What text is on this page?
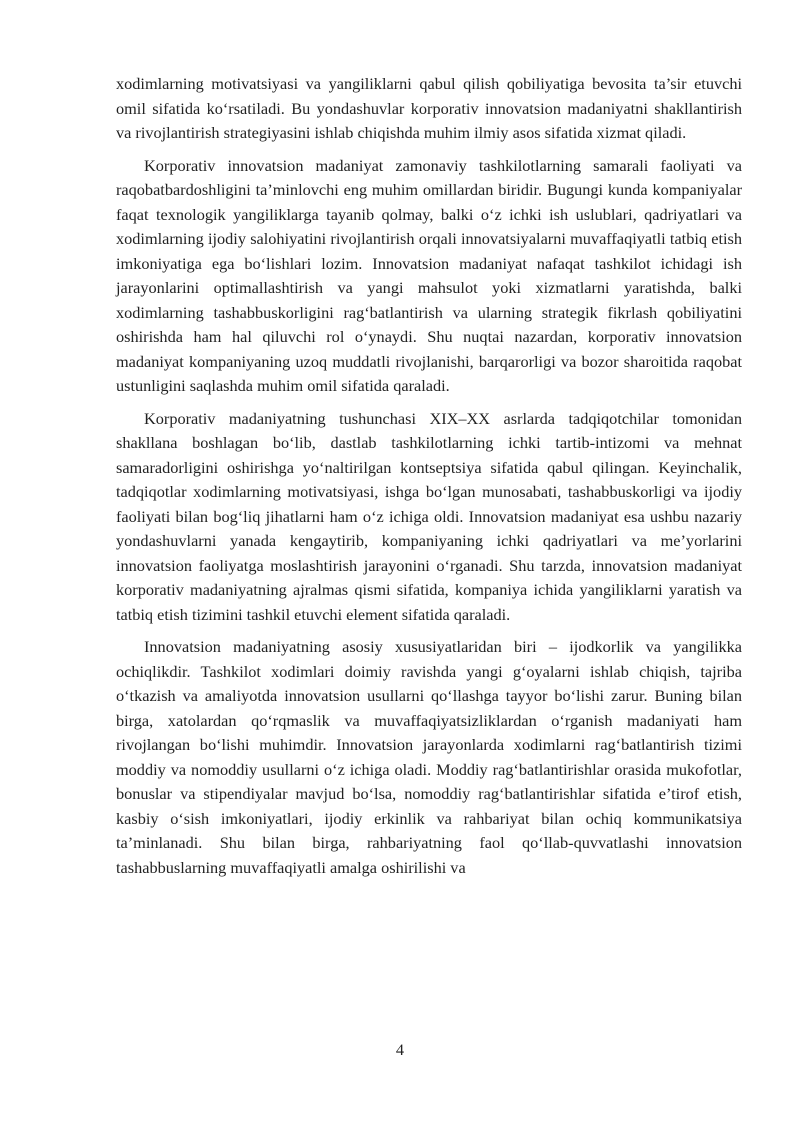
xodimlarning motivatsiyasi va yangiliklarni qabul qilish qobiliyatiga bevosita ta’sir etuvchi omil sifatida ko‘rsatiladi. Bu yondashuvlar korporativ innovatsion madaniyatni shakllantirish va rivojlantirish strategiyasini ishlab chiqishda muhim ilmiy asos sifatida xizmat qiladi.

Korporativ innovatsion madaniyat zamonaviy tashkilotlarning samarali faoliyati va raqobatbardoshligini ta’minlovchi eng muhim omillardan biridir. Bugungi kunda kompaniyalar faqat texnologik yangiliklarga tayanib qolmay, balki o‘z ichki ish uslublari, qadriyatlari va xodimlarning ijodiy salohiyatini rivojlantirish orqali innovatsiyalarni muvaffaqiyatli tatbiq etish imkoniyatiga ega bo‘lishlari lozim. Innovatsion madaniyat nafaqat tashkilot ichidagi ish jarayonlarini optimallashtirish va yangi mahsulot yoki xizmatlarni yaratishda, balki xodimlarning tashabbuskorligini rag‘batlantirish va ularning strategik fikrlash qobiliyatini oshirishda ham hal qiluvchi rol o‘ynaydi. Shu nuqtai nazardan, korporativ innovatsion madaniyat kompaniyaning uzoq muddatli rivojlanishi, barqarorligi va bozor sharoitida raqobat ustunligini saqlashda muhim omil sifatida qaraladi.

Korporativ madaniyatning tushunchasi XIX–XX asrlarda tadqiqotchilar tomonidan shakllana boshlagan bo‘lib, dastlab tashkilotlarning ichki tartib-intizomi va mehnat samaradorligini oshirishga yo‘naltirilgan kontseptsiya sifatida qabul qilingan. Keyinchalik, tadqiqotlar xodimlarning motivatsiyasi, ishga bo‘lgan munosabati, tashabbuskorligi va ijodiy faoliyati bilan bog‘liq jihatlarni ham o‘z ichiga oldi. Innovatsion madaniyat esa ushbu nazariy yondashuvlarni yanada kengaytirib, kompaniyaning ichki qadriyatlari va me’yorlarini innovatsion faoliyatga moslashtirish jarayonini o‘rganadi. Shu tarzda, innovatsion madaniyat korporativ madaniyatning ajralmas qismi sifatida, kompaniya ichida yangiliklarni yaratish va tatbiq etish tizimini tashkil etuvchi element sifatida qaraladi.

Innovatsion madaniyatning asosiy xususiyatlaridan biri – ijodkorlik va yangilikka ochiqlikdir. Tashkilot xodimlari doimiy ravishda yangi g‘oyalarni ishlab chiqish, tajriba o‘tkazish va amaliyotda innovatsion usullarni qo‘llashga tayyor bo‘lishi zarur. Buning bilan birga, xatolardan qo‘rqmaslik va muvaffaqiyatsizliklardan o‘rganish madaniyati ham rivojlangan bo‘lishi muhimdir. Innovatsion jarayonlarda xodimlarni rag‘batlantirish tizimi moddiy va nomoddiy usullarni o‘z ichiga oladi. Moddiy rag‘batlantirishlar orasida mukofotlar, bonuslar va stipendiyalar mavjud bo‘lsa, nomoddiy rag‘batlantirishlar sifatida e’tirof etish, kasbiy o‘sish imkoniyatlari, ijodiy erkinlik va rahbariyat bilan ochiq kommunikatsiya ta’minlanadi. Shu bilan birga, rahbariyatning faol qo‘llab-quvvatlashi innovatsion tashabbuslarning muvaffaqiyatli amalga oshirilishi va

4
